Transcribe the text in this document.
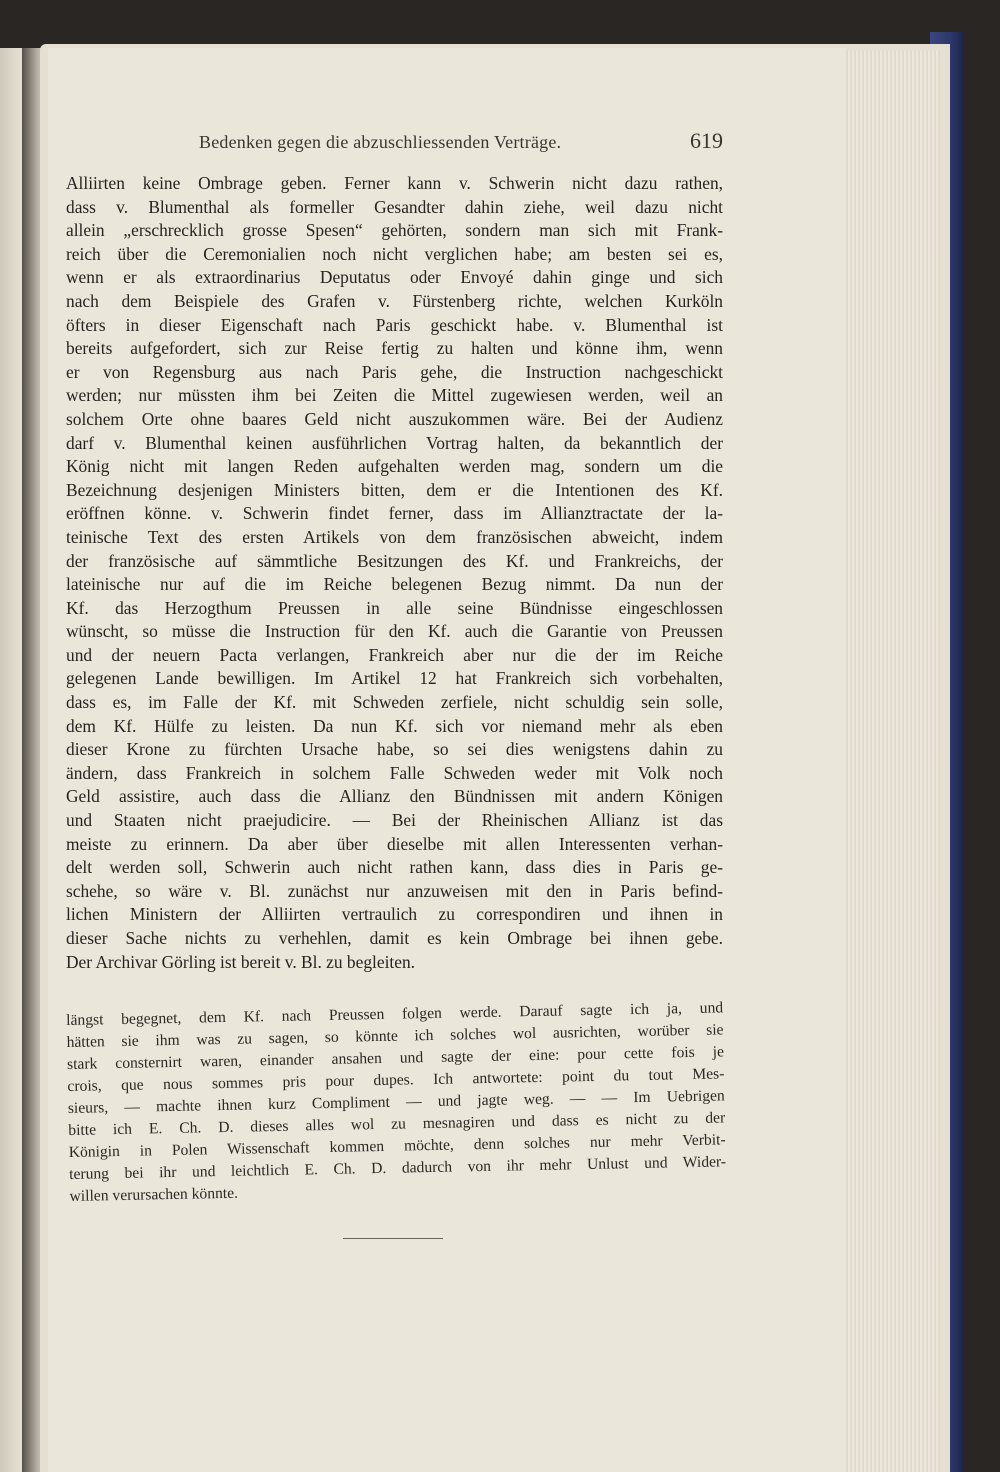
Bedenken gegen die abzuschliessenden Verträge.	619
Alliirten keine Ombrage geben. Ferner kann v. Schwerin nicht dazu rathen,
dass v. Blumenthal als formeller Gesandter dahin ziehe, weil dazu nicht
allein „erschrecklich grosse Spesen“ gehörten, sondern man sich mit Frank-
reich über die Ceremonialien noch nicht verglichen habe; am besten sei es,
wenn er als extraordinarius Deputatus oder Envoyé dahin ginge und sich
nach dem Beispiele des Grafen v. Fürstenberg richte, welchen Kurköln
öfters in dieser Eigenschaft nach Paris geschickt habe. v. Blumenthal ist
bereits aufgefordert, sich zur Reise fertig zu halten und könne ihm, wenn
er von Regensburg aus nach Paris gehe, die Instruction nachgeschickt
werden; nur müssten ihm bei Zeiten die Mittel zugewiesen werden, weil an
solchem Orte ohne baares Geld nicht auszukommen wäre. Bei der Audienz
darf v. Blumenthal keinen ausführlichen Vortrag halten, da bekanntlich der
König nicht mit langen Reden aufgehalten werden mag, sondern um die
Bezeichnung desjenigen Ministers bitten, dem er die Intentionen des Kf.
eröffnen könne. v. Schwerin findet ferner, dass im Allianztractate der la-
teinische Text des ersten Artikels von dem französischen abweicht, indem
der französische auf sämmtliche Besitzungen des Kf. und Frankreichs, der
lateinische nur auf die im Reiche belegenen Bezug nimmt. Da nun der
Kf. das Herzogthum Preussen in alle seine Bündnisse eingeschlossen
wünscht, so müsse die Instruction für den Kf. auch die Garantie von Preussen
und der neuern Pacta verlangen, Frankreich aber nur die der im Reiche
gelegenen Lande bewilligen. Im Artikel 12 hat Frankreich sich vorbehalten,
dass es, im Falle der Kf. mit Schweden zerfiele, nicht schuldig sein solle,
dem Kf. Hülfe zu leisten. Da nun Kf. sich vor niemand mehr als eben
dieser Krone zu fürchten Ursache habe, so sei dies wenigstens dahin zu
ändern, dass Frankreich in solchem Falle Schweden weder mit Volk noch
Geld assistire, auch dass die Allianz den Bündnissen mit andern Königen
und Staaten nicht praejudicire. — Bei der Rheinischen Allianz ist das
meiste zu erinnern. Da aber über dieselbe mit allen Interessenten verhan-
delt werden soll, Schwerin auch nicht rathen kann, dass dies in Paris ge-
schehe, so wäre v. Bl. zunächst nur anzuweisen mit den in Paris befind-
lichen Ministern der Alliirten vertraulich zu correspondiren und ihnen in
dieser Sache nichts zu verhehlen, damit es kein Ombrage bei ihnen gebe.
Der Archivar Görling ist bereit v. Bl. zu begleiten.
längst begegnet, dem Kf. nach Preussen folgen werde. Darauf sagte ich ja, und
hätten sie ihm was zu sagen, so könnte ich solches wol ausrichten, worüber sie
stark consternirt waren, einander ansahen und sagte der eine: pour cette fois je
crois, que nous sommes pris pour dupes. Ich antwortete: point du tout Mes-
sieurs, — machte ihnen kurz Compliment — und jagte weg. — — Im Uebrigen
bitte ich E. Ch. D. dieses alles wol zu mesnagiren und dass es nicht zu der
Königin in Polen Wissenschaft kommen möchte, denn solches nur mehr Verbit-
terung bei ihr und leichtlich E. Ch. D. dadurch von ihr mehr Unlust und Wider-
willen verursachen könnte.
